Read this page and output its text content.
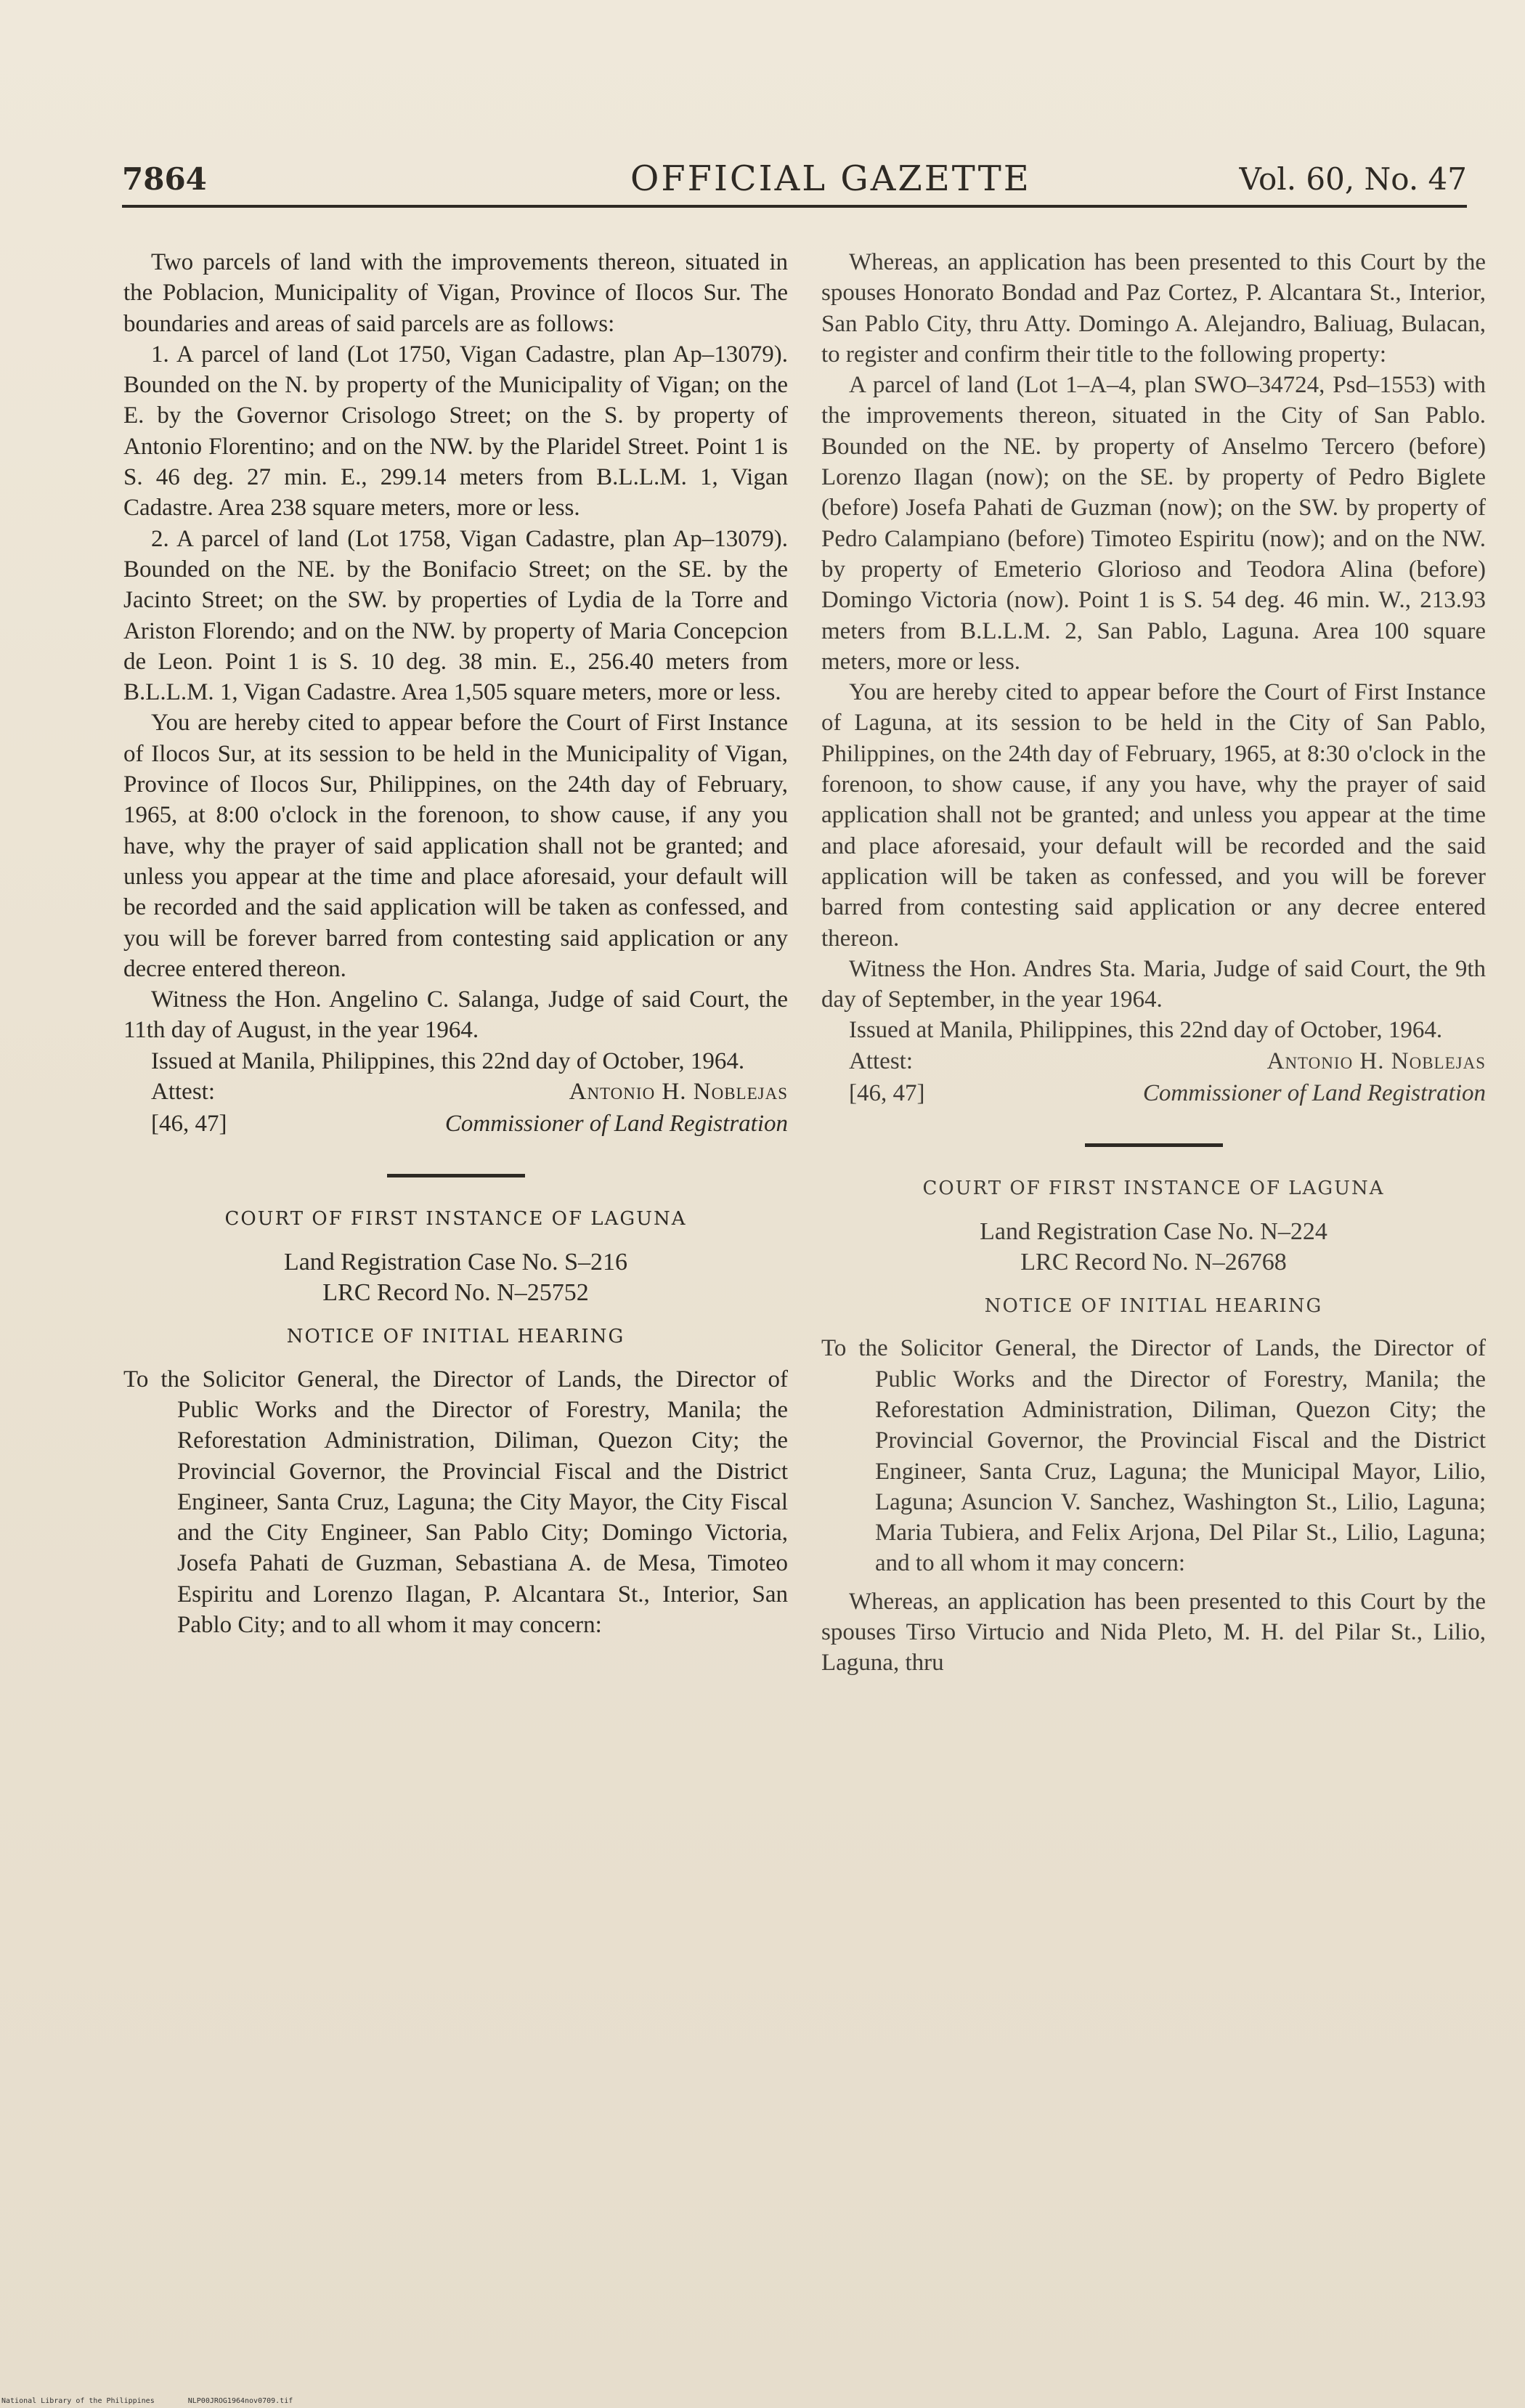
7864	OFFICIAL GAZETTE	Vol. 60, No. 47

Two parcels of land with the improvements thereon, situated in the Poblacion, Municipality of Vigan, Province of Ilocos Sur. The boundaries and areas of said parcels are as follows:

1. A parcel of land (Lot 1750, Vigan Cadastre, plan Ap–13079). Bounded on the N. by property of the Municipality of Vigan; on the E. by the Governor Crisologo Street; on the S. by property of Antonio Florentino; and on the NW. by the Plaridel Street. Point 1 is S. 46 deg. 27 min. E., 299.14 meters from B.L.L.M. 1, Vigan Cadastre. Area 238 square meters, more or less.

2. A parcel of land (Lot 1758, Vigan Cadastre, plan Ap–13079). Bounded on the NE. by the Bonifacio Street; on the SE. by the Jacinto Street; on the SW. by properties of Lydia de la Torre and Ariston Florendo; and on the NW. by property of Maria Concepcion de Leon. Point 1 is S. 10 deg. 38 min. E., 256.40 meters from B.L.L.M. 1, Vigan Cadastre. Area 1,505 square meters, more or less.

You are hereby cited to appear before the Court of First Instance of Ilocos Sur, at its session to be held in the Municipality of Vigan, Province of Ilocos Sur, Philippines, on the 24th day of February, 1965, at 8:00 o'clock in the forenoon, to show cause, if any you have, why the prayer of said application shall not be granted; and unless you appear at the time and place aforesaid, your default will be recorded and the said application will be taken as confessed, and you will be forever barred from contesting said application or any decree entered thereon.

Witness the Hon. Angelino C. Salanga, Judge of said Court, the 11th day of August, in the year 1964.

Issued at Manila, Philippines, this 22nd day of October, 1964.

Attest:	Antonio H. Noblejas
[46, 47]	Commissioner of Land Registration
COURT OF FIRST INSTANCE OF LAGUNA
Land Registration Case No. S–216
LRC Record No. N–25752
NOTICE OF INITIAL HEARING

To the Solicitor General, the Director of Lands, the Director of Public Works and the Director of Forestry, Manila; the Reforestation Administration, Diliman, Quezon City; the Provincial Governor, the Provincial Fiscal and the District Engineer, Santa Cruz, Laguna; the City Mayor, the City Fiscal and the City Engineer, San Pablo City; Domingo Victoria, Josefa Pahati de Guzman, Sebastiana A. de Mesa, Timoteo Espiritu and Lorenzo Ilagan, P. Alcantara St., Interior, San Pablo City; and to all whom it may concern:

Whereas, an application has been presented to this Court by the spouses Honorato Bondad and Paz Cortez, P. Alcantara St., Interior, San Pablo City, thru Atty. Domingo A. Alejandro, Baliuag, Bulacan, to register and confirm their title to the following property:

A parcel of land (Lot 1–A–4, plan SWO–34724, Psd–1553) with the improvements thereon, situated in the City of San Pablo. Bounded on the NE. by property of Anselmo Tercero (before) Lorenzo Ilagan (now); on the SE. by property of Pedro Biglete (before) Josefa Pahati de Guzman (now); on the SW. by property of Pedro Calampiano (before) Timoteo Espiritu (now); and on the NW. by property of Emeterio Glorioso and Teodora Alina (before) Domingo Victoria (now). Point 1 is S. 54 deg. 46 min. W., 213.93 meters from B.L.L.M. 2, San Pablo, Laguna. Area 100 square meters, more or less.

You are hereby cited to appear before the Court of First Instance of Laguna, at its session to be held in the City of San Pablo, Philippines, on the 24th day of February, 1965, at 8:30 o'clock in the forenoon, to show cause, if any you have, why the prayer of said application shall not be granted; and unless you appear at the time and place aforesaid, your default will be recorded and the said application will be taken as confessed, and you will be forever barred from contesting said application or any decree entered thereon.

Witness the Hon. Andres Sta. Maria, Judge of said Court, the 9th day of September, in the year 1964.

Issued at Manila, Philippines, this 22nd day of October, 1964.

Attest:	Antonio H. Noblejas
[46, 47]	Commissioner of Land Registration
COURT OF FIRST INSTANCE OF LAGUNA
Land Registration Case No. N–224
LRC Record No. N–26768
NOTICE OF INITIAL HEARING

To the Solicitor General, the Director of Lands, the Director of Public Works and the Director of Forestry, Manila; the Reforestation Administration, Diliman, Quezon City; the Provincial Governor, the Provincial Fiscal and the District Engineer, Santa Cruz, Laguna; the Municipal Mayor, Lilio, Laguna; Asuncion V. Sanchez, Washington St., Lilio, Laguna; Maria Tubiera, and Felix Arjona, Del Pilar St., Lilio, Laguna; and to all whom it may concern:

Whereas, an application has been presented to this Court by the spouses Tirso Virtucio and Nida Pleto, M. H. del Pilar St., Lilio, Laguna, thru

National Library of the Philippines	NLP00JROG1964nov0709.tif
